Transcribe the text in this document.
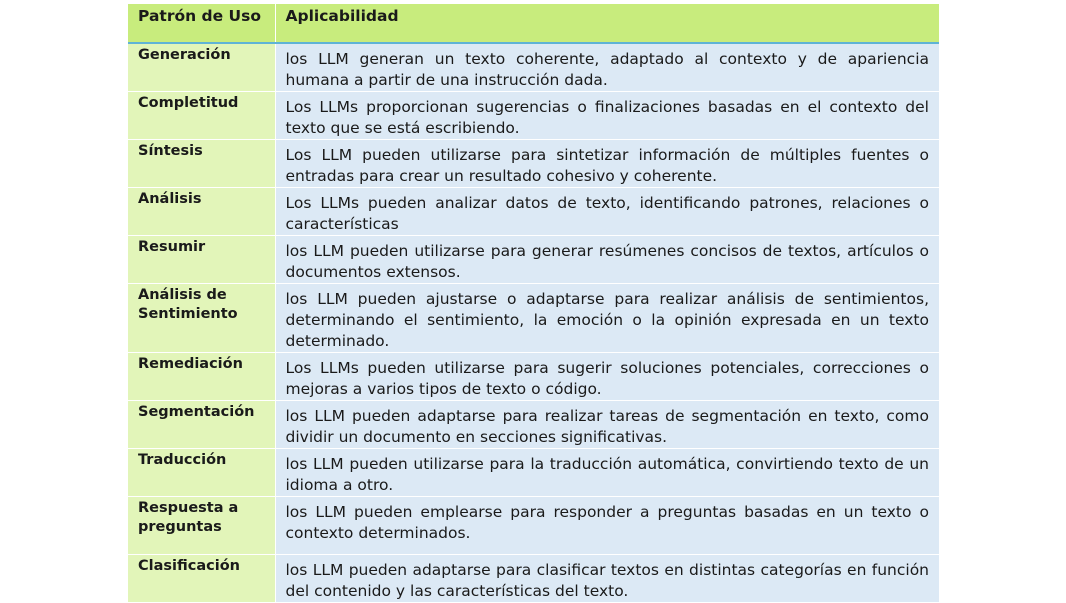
Patrón de Uso	Aplicabilidad
Generación	los LLM generan un texto coherente, adaptado al contexto y de apariencia humana a partir de una instrucción dada.
Completitud	Los LLMs proporcionan sugerencias o finalizaciones basadas en el contexto del texto que se está escribiendo.
Síntesis	Los LLM pueden utilizarse para sintetizar información de múltiples fuentes o entradas para crear un resultado cohesivo y coherente.
Análisis	Los LLMs pueden analizar datos de texto, identificando patrones, relaciones o características
Resumir	los LLM pueden utilizarse para generar resúmenes concisos de textos, artículos o documentos extensos.
Análisis de Sentimiento	los LLM pueden ajustarse o adaptarse para realizar análisis de sentimientos, determinando el sentimiento, la emoción o la opinión expresada en un texto determinado.
Remediación	Los LLMs pueden utilizarse para sugerir soluciones potenciales, correcciones o mejoras a varios tipos de texto o código.
Segmentación	los LLM pueden adaptarse para realizar tareas de segmentación en texto, como dividir un documento en secciones significativas.
Traducción	los LLM pueden utilizarse para la traducción automática, convirtiendo texto de un idioma a otro.
Respuesta a preguntas	los LLM pueden emplearse para responder a preguntas basadas en un texto o contexto determinados.
Clasificación	los LLM pueden adaptarse para clasificar textos en distintas categorías en función del contenido y las características del texto.
